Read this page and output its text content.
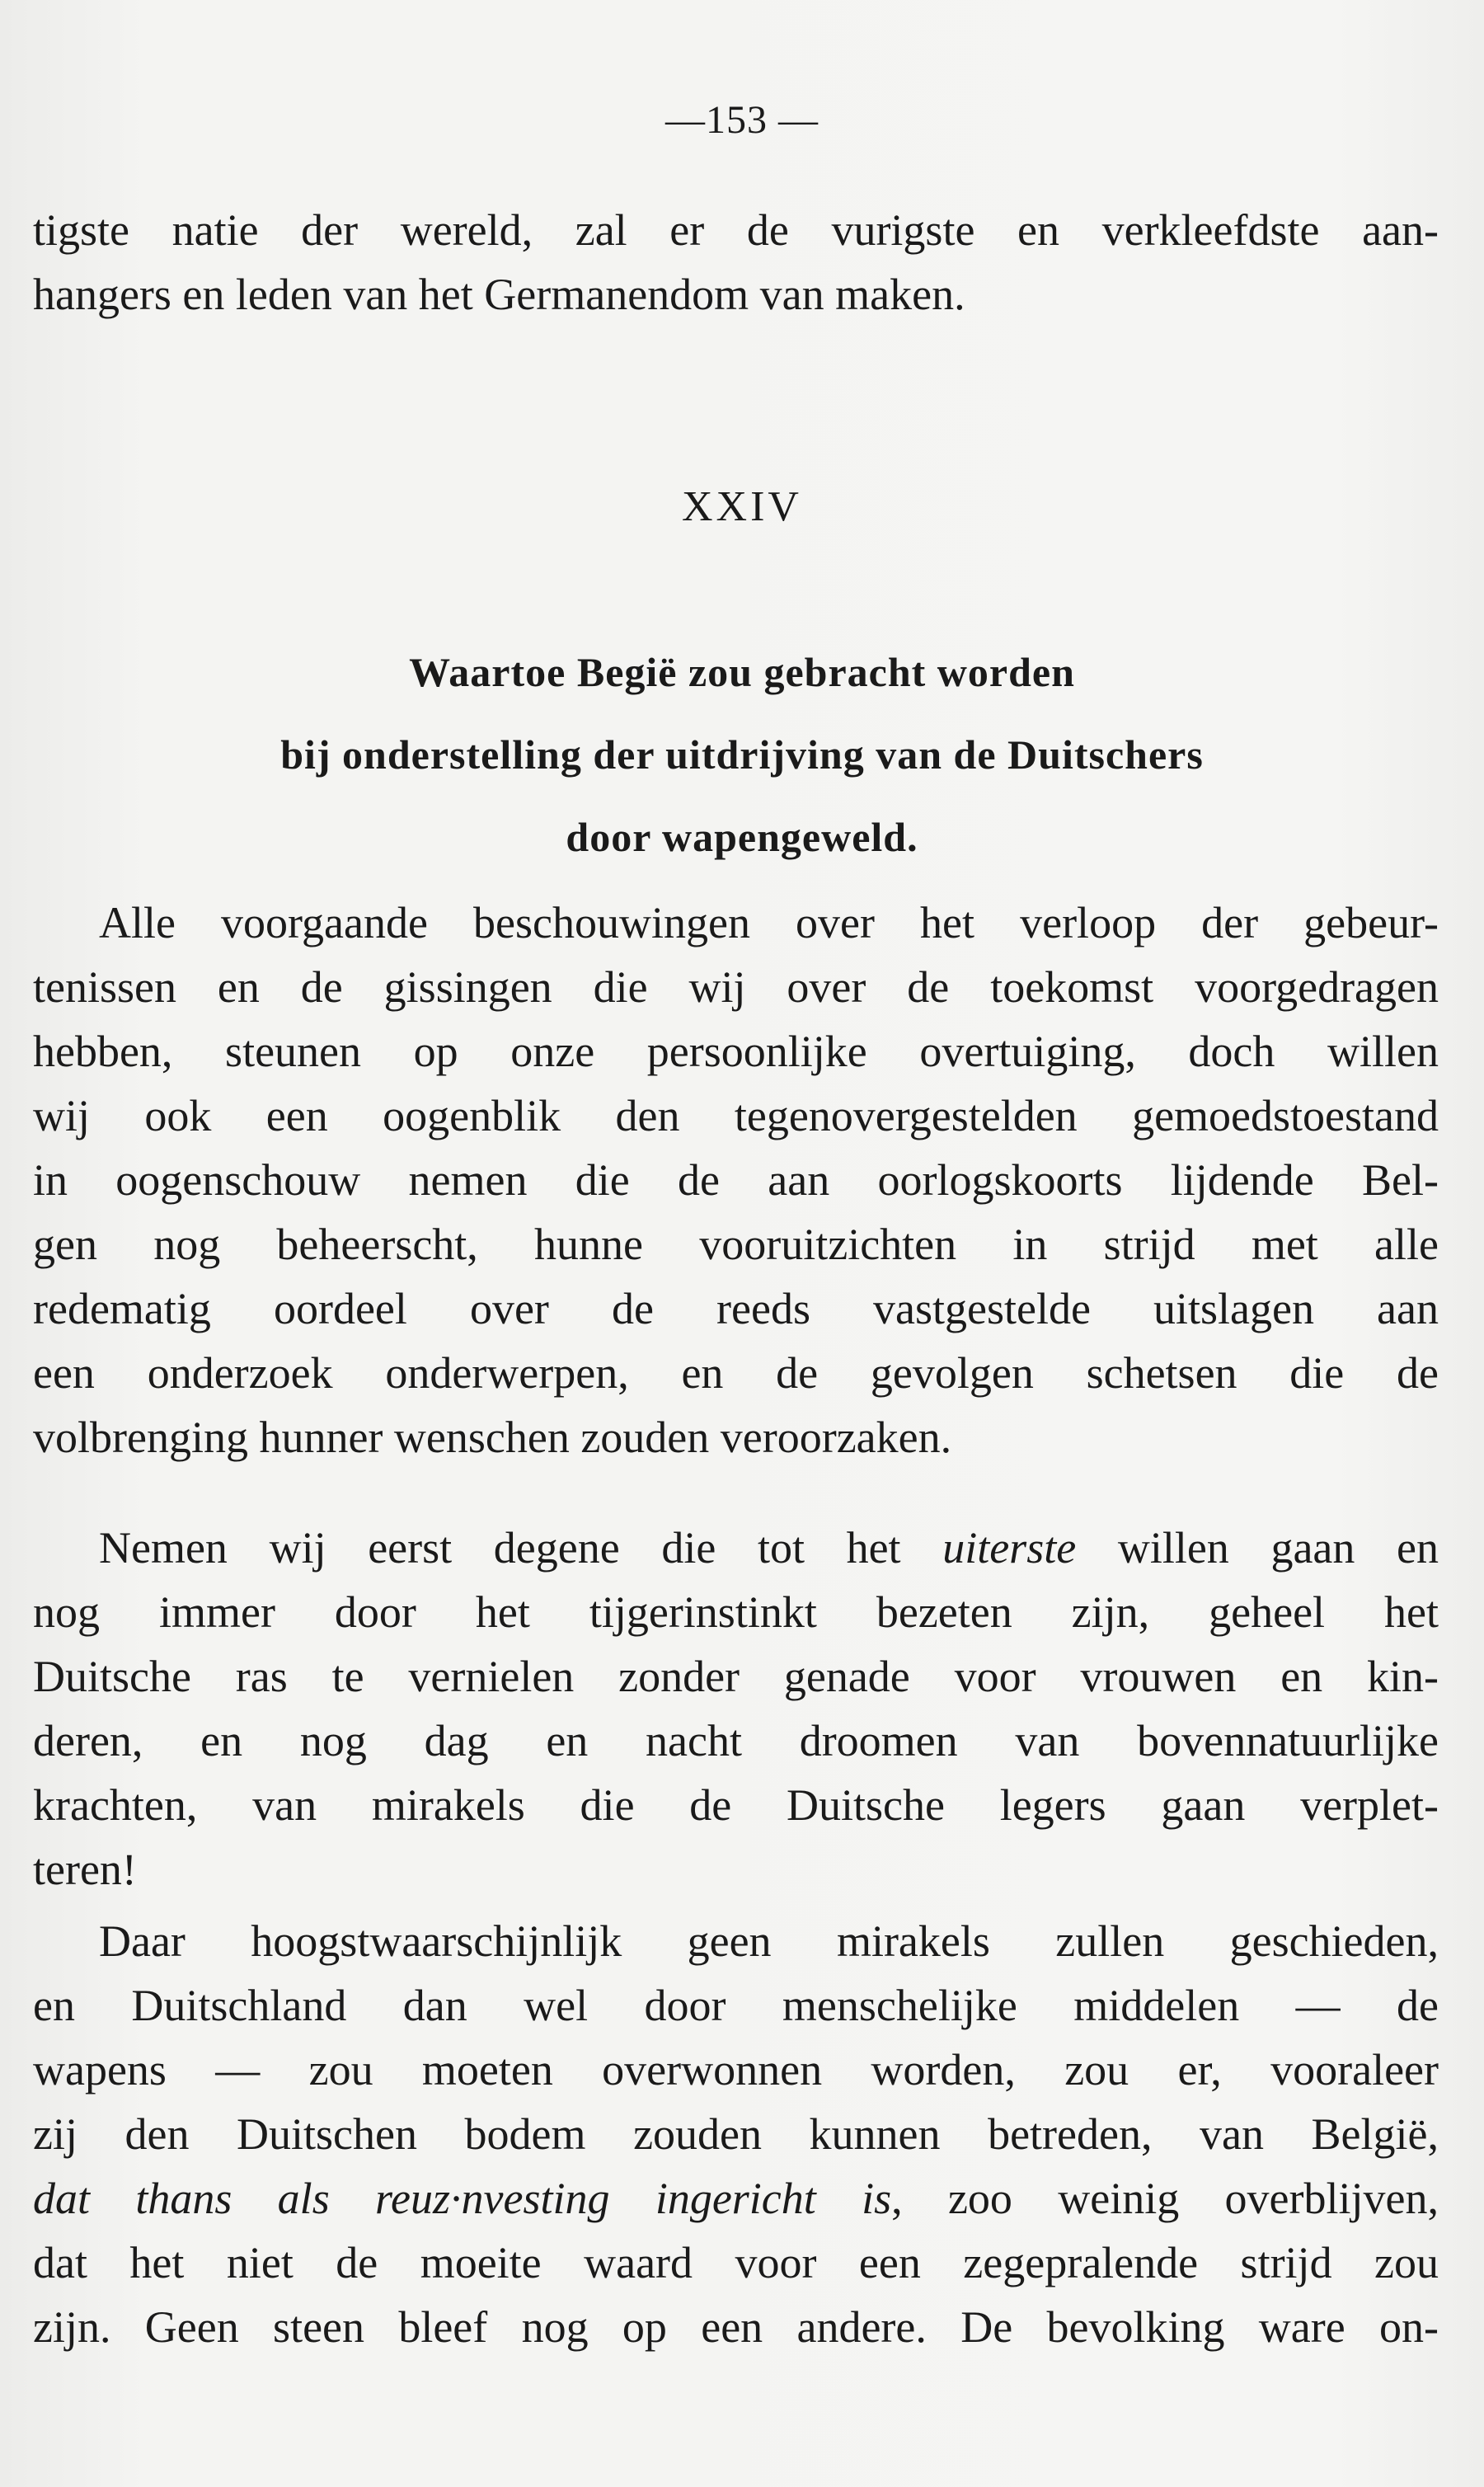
—153 —
tigste natie der wereld, zal er de vurigste en verkleefdste aan-
hangers en leden van het Germanendom van maken.
XXIV
Waartoe Begië zou gebracht worden
bij onderstelling der uitdrijving van de Duitschers
door wapengeweld.
Alle voorgaande beschouwingen over het verloop der gebeur-
tenissen en de gissingen die wij over de toekomst voorgedragen
hebben, steunen op onze persoonlijke overtuiging, doch willen
wij ook een oogenblik den tegenovergestelden gemoedstoestand
in oogenschouw nemen die de aan oorlogskoorts lijdende Bel-
gen nog beheerscht, hunne vooruitzichten in strijd met alle
redematig oordeel over de reeds vastgestelde uitslagen aan
een onderzoek onderwerpen, en de gevolgen schetsen die de
volbrenging hunner wenschen zouden veroorzaken.
Nemen wij eerst degene die tot het uiterste willen gaan en
nog immer door het tijgerinstinkt bezeten zijn, geheel het
Duitsche ras te vernielen zonder genade voor vrouwen en kin-
deren, en nog dag en nacht droomen van bovennatuurlijke
krachten, van mirakels die de Duitsche legers gaan verplet-
teren!
Daar hoogstwaarschijnlijk geen mirakels zullen geschieden,
en Duitschland dan wel door menschelijke middelen — de
wapens — zou moeten overwonnen worden, zou er, vooraleer
zij den Duitschen bodem zouden kunnen betreden, van België,
dat thans als reuz·nvesting ingericht is, zoo weinig overblijven,
dat het niet de moeite waard voor een zegepralende strijd zou
zijn. Geen steen bleef nog op een andere. De bevolking ware on-
